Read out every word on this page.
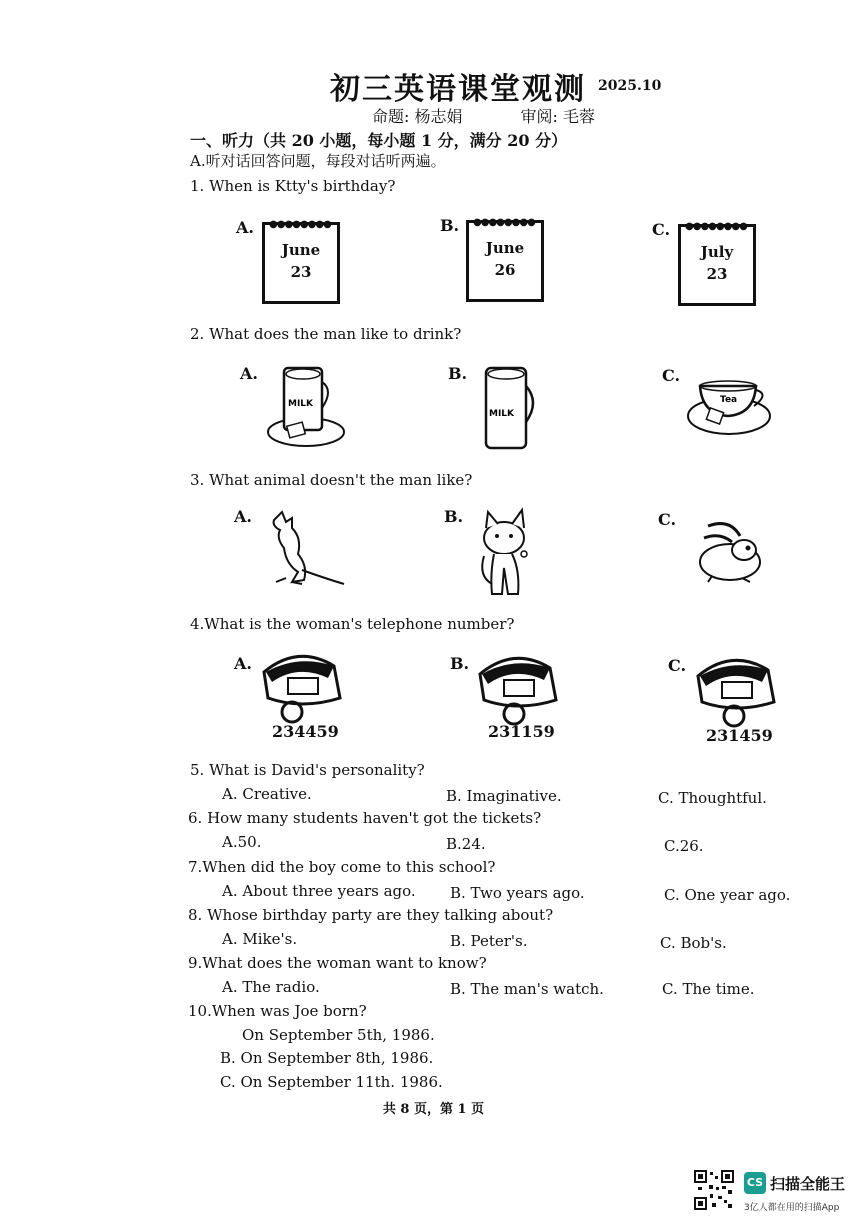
初三英语课堂观测 2025.10
命题: 杨志娟	审阅: 毛蓉
一、听力（共 20 小题，每小题 1 分，满分 20 分）
A.听对话回答问题，每段对话听两遍。
1. When is Ktty's birthday?
A. ●●●●●●●●
June
23
B. ●●●●●●●●
June
26
C. ●●●●●●●●
July
23
2. What does the man like to drink?
A.
MILK
B.
MILK
C.
Tea
3. What animal doesn't the man like?
A.	B.	C.
4.What is the woman's telephone number?
A.
234459
B.
231159
C.
231459
5. What is David's personality?
A. Creative.	B. Imaginative.	C. Thoughtful.
6. How many students haven't got the tickets?
A.50.	B.24.	C.26.
7.When did the boy come to this school?
A. About three years ago. B. Two years ago.	C. One year ago.
8. Whose birthday party are they talking about?
A. Mike's.	B. Peter's.	C. Bob's.
9.What does the woman want to know?
A. The radio.	B. The man's watch.	C. The time.
10.When was Joe born?
On September 5th, 1986.
B. On September 8th, 1986.
C. On September 11th. 1986.
共 8 页，第 1 页
CS 扫描全能王
3亿人都在用的扫描App
